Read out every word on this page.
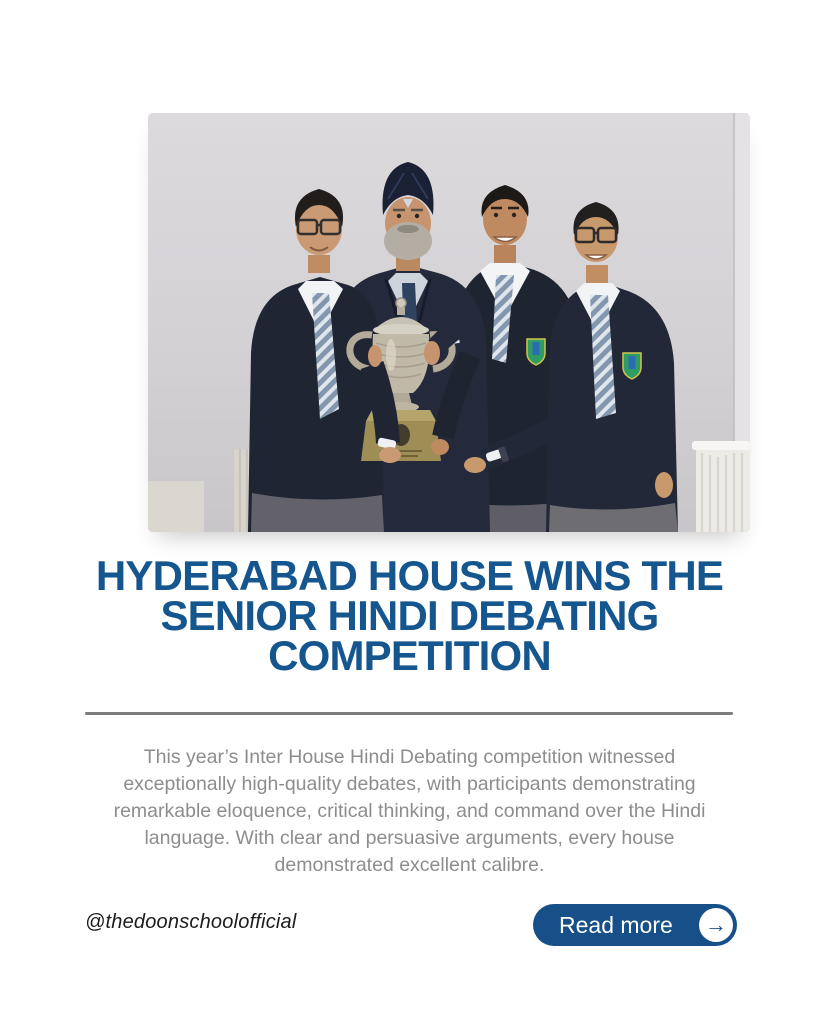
HYDERABAD HOUSE WINS THE
SENIOR HINDI DEBATING
COMPETITION

This year’s Inter House Hindi Debating competition witnessed
exceptionally high-quality debates, with participants demonstrating
remarkable eloquence, critical thinking, and command over the Hindi
language. With clear and persuasive arguments, every house
demonstrated excellent calibre.

@thedoonschoolofficial	Read more →
